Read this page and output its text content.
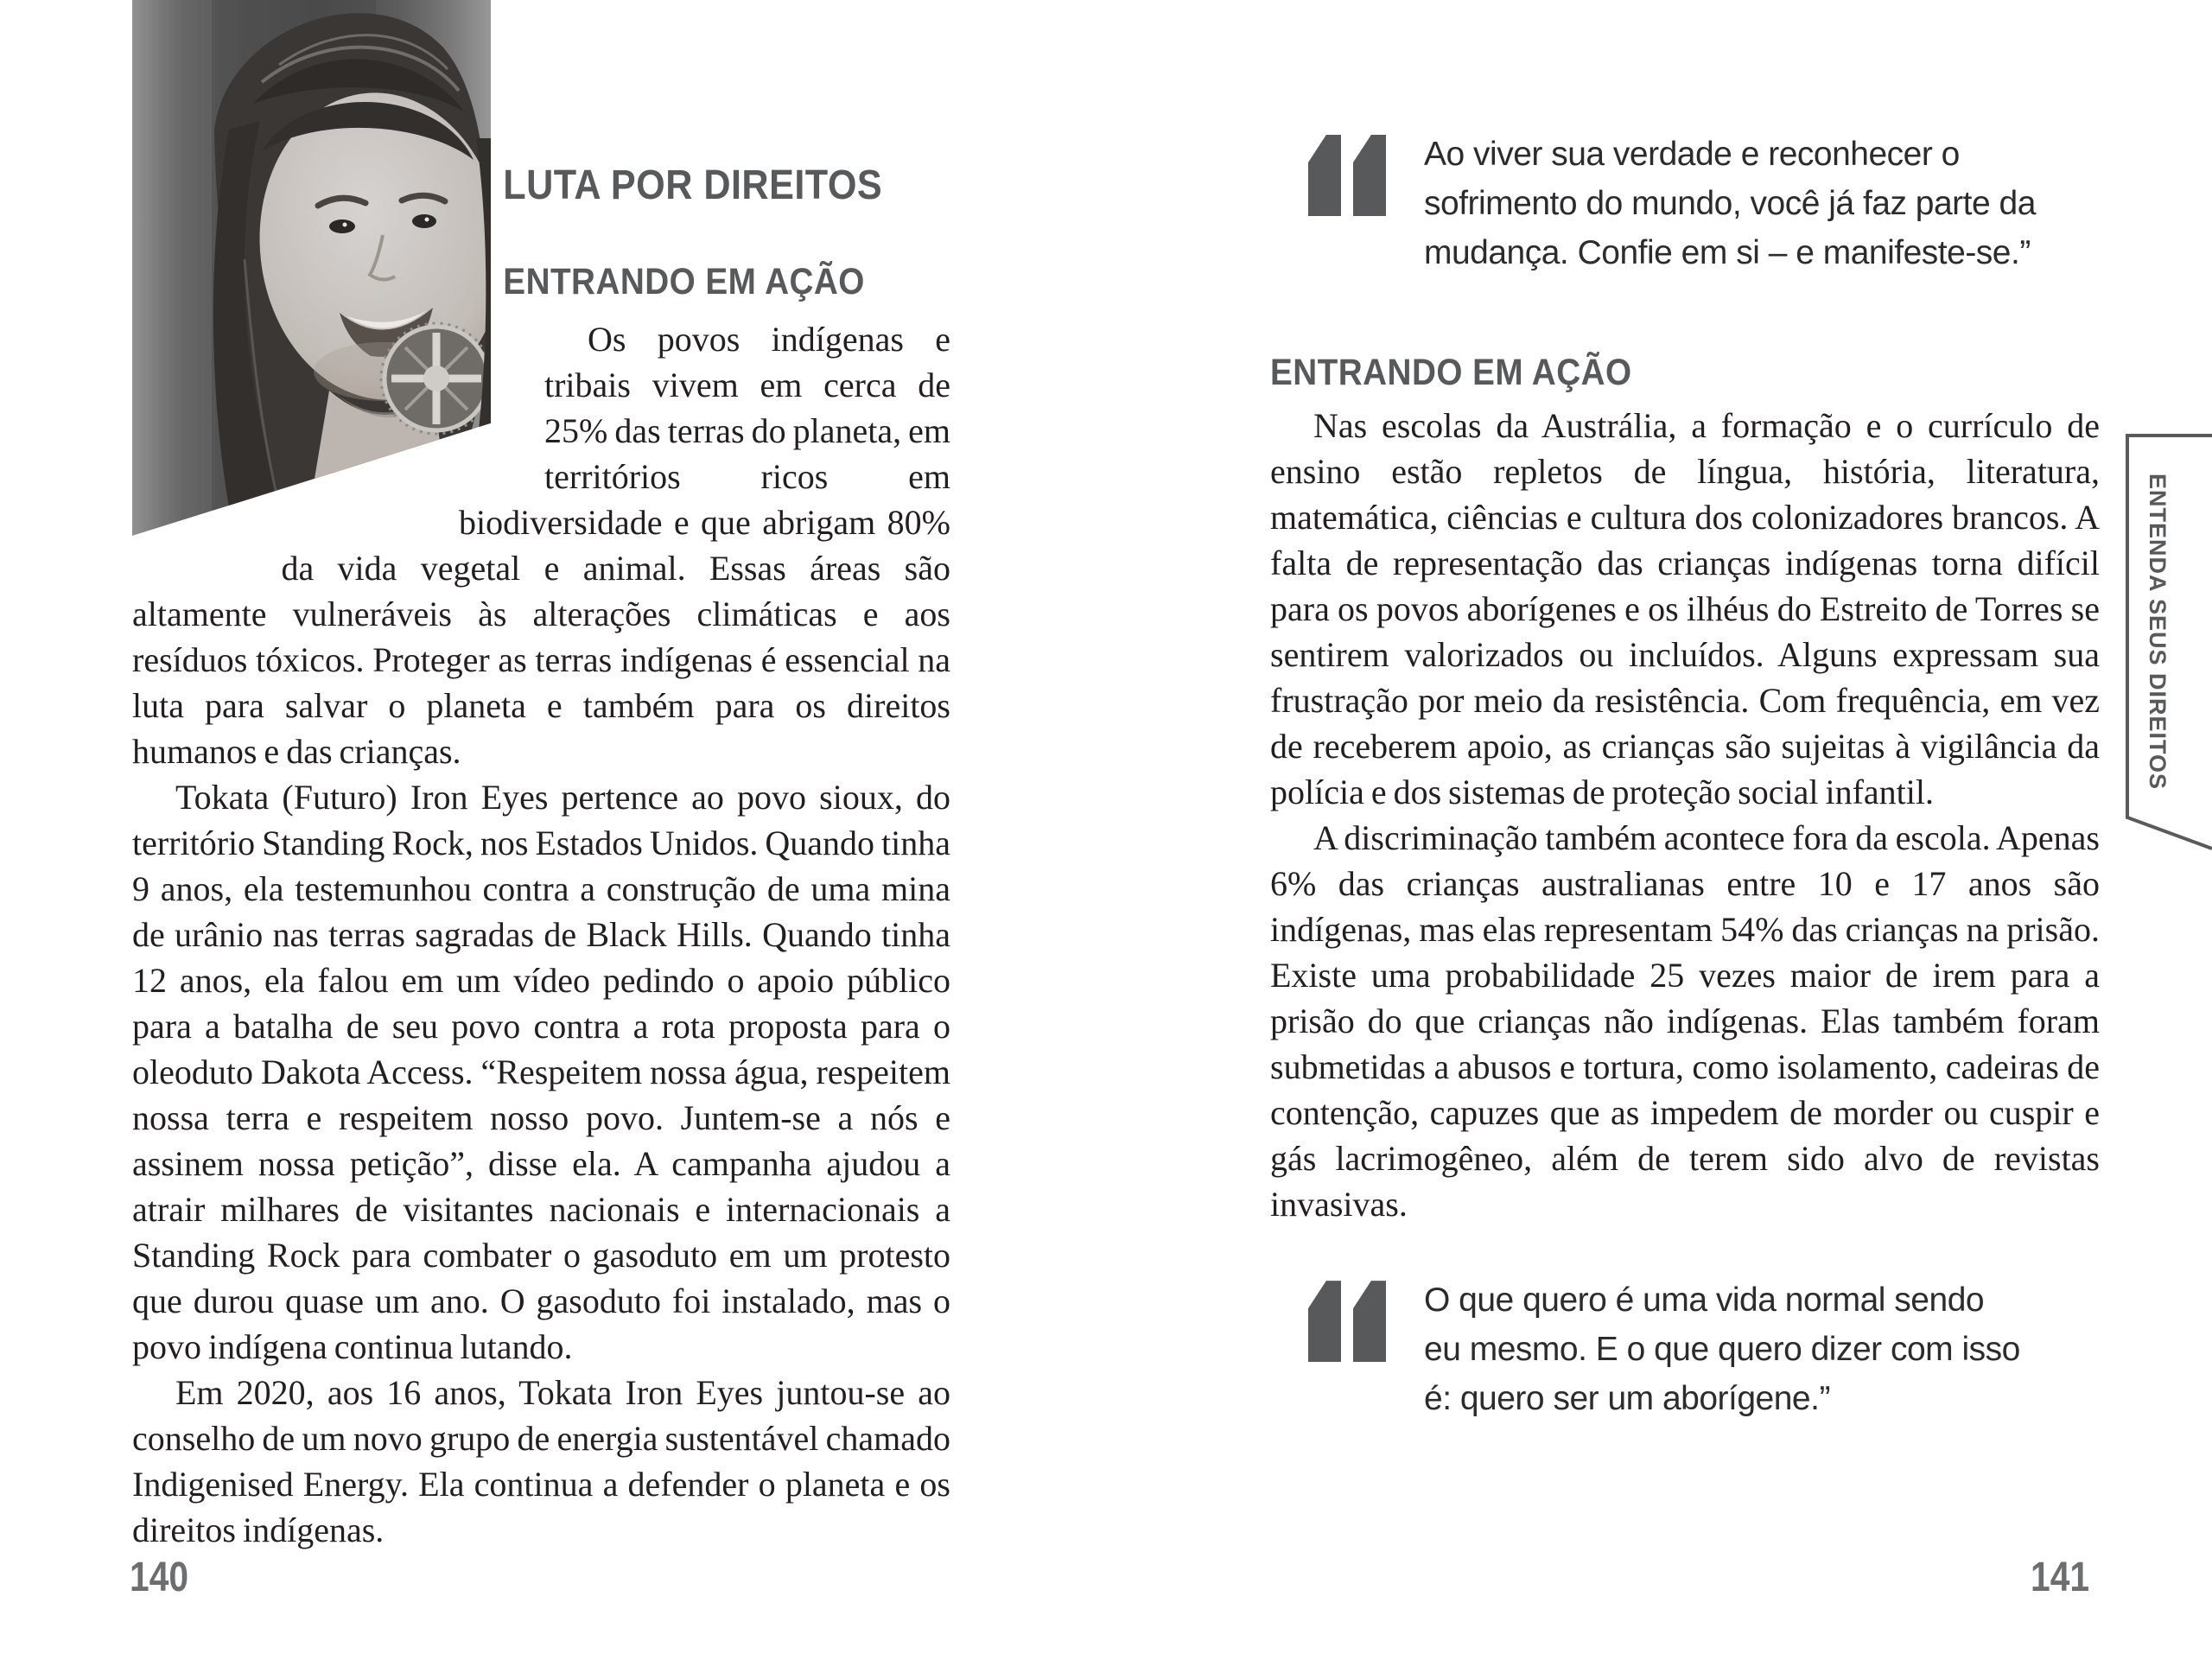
LUTA POR DIREITOS
ENTRANDO EM AÇÃO

Os povos indígenas e tribais vivem em cerca de 25% das terras do planeta, em territórios ricos em biodiversidade e que abrigam 80% da vida vegetal e animal. Essas áreas são altamente vulneráveis às alterações climáticas e aos resíduos tóxicos. Proteger as terras indígenas é essencial na luta para salvar o planeta e também para os direitos humanos e das crianças.

Tokata (Futuro) Iron Eyes pertence ao povo sioux, do território Standing Rock, nos Estados Unidos. Quando tinha 9 anos, ela testemunhou contra a construção de uma mina de urânio nas terras sagradas de Black Hills. Quando tinha 12 anos, ela falou em um vídeo pedindo o apoio público para a batalha de seu povo contra a rota proposta para o oleoduto Dakota Access. “Respeitem nossa água, respeitem nossa terra e respeitem nosso povo. Juntem-se a nós e assinem nossa petição”, disse ela. A campanha ajudou a atrair milhares de visitantes nacionais e internacionais a Standing Rock para combater o gasoduto em um protesto que durou quase um ano. O gasoduto foi instalado, mas o povo indígena continua lutando.

Em 2020, aos 16 anos, Tokata Iron Eyes juntou-se ao conselho de um novo grupo de energia sustentável chamado Indigenised Energy. Ela continua a defender o planeta e os direitos indígenas.

Ao viver sua verdade e reconhecer o sofrimento do mundo, você já faz parte da mudança. Confie em si – e manifeste-se.”

ENTRANDO EM AÇÃO

Nas escolas da Austrália, a formação e o currículo de ensino estão repletos de língua, história, literatura, matemática, ciências e cultura dos colonizadores brancos. A falta de representação das crianças indígenas torna difícil para os povos aborígenes e os ilhéus do Estreito de Torres se sentirem valorizados ou incluídos. Alguns expressam sua frustração por meio da resistência. Com frequência, em vez de receberem apoio, as crianças são sujeitas à vigilância da polícia e dos sistemas de proteção social infantil.

A discriminação também acontece fora da escola. Apenas 6% das crianças australianas entre 10 e 17 anos são indígenas, mas elas representam 54% das crianças na prisão. Existe uma probabilidade 25 vezes maior de irem para a prisão do que crianças não indígenas. Elas também foram submetidas a abusos e tortura, como isolamento, cadeiras de contenção, capuzes que as impedem de morder ou cuspir e gás lacrimogêneo, além de terem sido alvo de revistas invasivas.

O que quero é uma vida normal sendo eu mesmo. E o que quero dizer com isso é: quero ser um aborígene.”

ENTENDA SEUS DIREITOS
140	141
